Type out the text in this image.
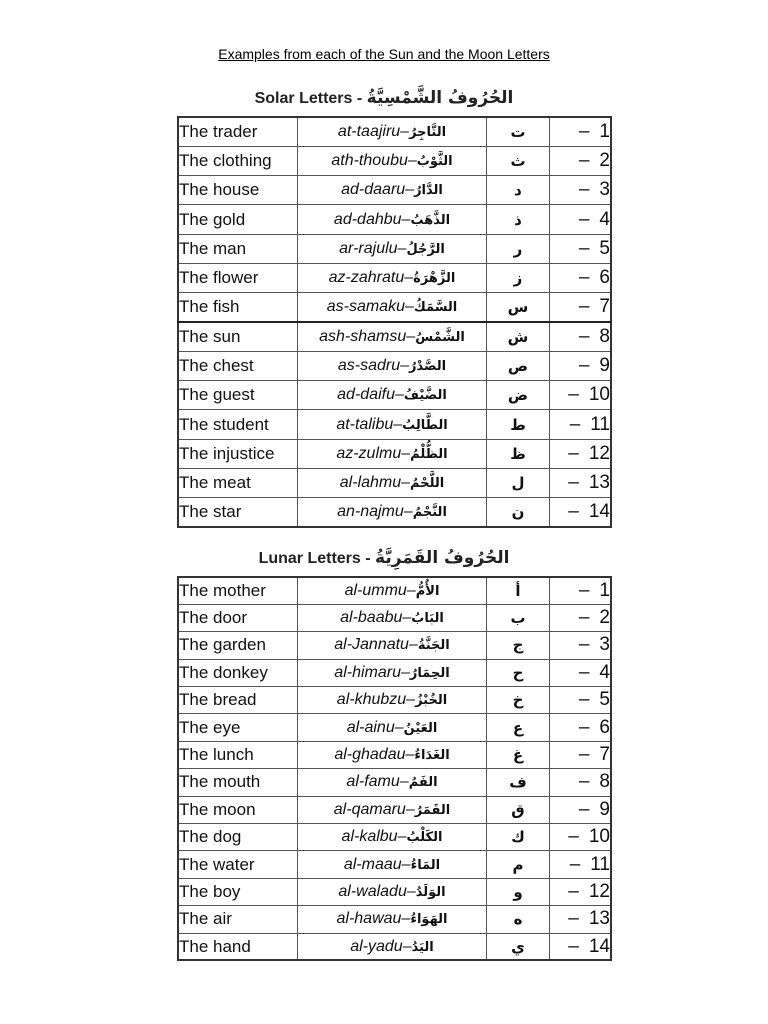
Examples from each of the Sun and the Moon Letters
Solar Letters - الحُرُوفُ الشَّمْسِيَّةُ
The trader	at-taajiru–التَّاجِرُ	ت	– 1
The clothing	ath-thoubu–الثَّوْبُ	ث	– 2
The house	ad-daaru–الدَّارُ	د	– 3
The gold	ad-dahbu–الذَّهَبُ	ذ	– 4
The man	ar-rajulu–الرَّجُلُ	ر	– 5
The flower	az-zahratu–الزَّهْرَةُ	ز	– 6
The fish	as-samaku–السَّمَكُ	س	– 7
The sun	ash-shamsu–الشَّمْسُ	ش	– 8
The chest	as-sadru–الصَّدْرُ	ص	– 9
The guest	ad-daifu–الضَّيْفُ	ض	– 10
The student	at-talibu–الطَّالِبُ	ط	– 11
The injustice	az-zulmu–الظُّلْمُ	ظ	– 12
The meat	al-lahmu–اللَّحْمُ	ل	– 13
The star	an-najmu–النَّجْمُ	ن	– 14
Lunar Letters - الحُرُوفُ القَمَرِيَّةُ
The mother	al-ummu–الأُمُّ	أ	– 1
The door	al-baabu–البَابُ	ب	– 2
The garden	al-Jannatu–الجَنَّةُ	ج	– 3
The donkey	al-himaru–الحِمَارُ	ح	– 4
The bread	al-khubzu–الخُبْزُ	خ	– 5
The eye	al-ainu–العَيْنُ	ع	– 6
The lunch	al-ghadau–الغَدَاءُ	غ	– 7
The mouth	al-famu–الفَمُ	ف	– 8
The moon	al-qamaru–القَمَرُ	ق	– 9
The dog	al-kalbu–الكَلْبُ	ك	– 10
The water	al-maau–المَاءُ	م	– 11
The boy	al-waladu–الوَلَدُ	و	– 12
The air	al-hawau–الهَوَاءُ	ه	– 13
The hand	al-yadu–اليَدُ	ي	– 14
